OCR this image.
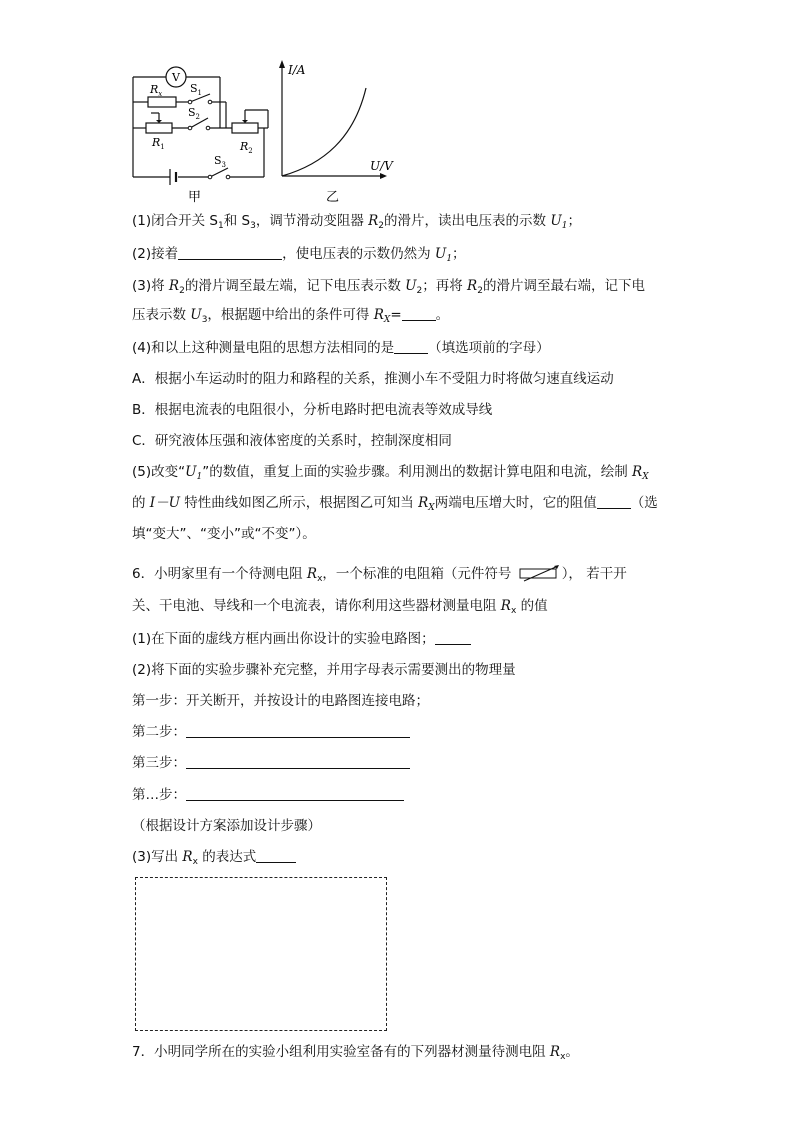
V
$R_x$	$S_1$
$S_2$
$R_1$	$R_2$
$S_3$
甲
I/A
U/V
乙
(1)闭合开关 $S_1$和 $S_3$，调节滑动变阻器 $R_2$的滑片，读出电压表的示数 $U_1$；
(2)接着	，使电压表的示数仍然为 $U_1$；
(3)将 $R_2$的滑片调至最左端，记下电压表示数 $U_2$；再将 $R_2$的滑片调至最右端，记下电
压表示数 $U_3$，根据题中给出的条件可得 $R_X=$	。
(4)和以上这种测量电阻的思想方法相同的是	（填选项前的字母）
A．根据小车运动时的阻力和路程的关系，推测小车不受阻力时将做匀速直线运动
B．根据电流表的电阻很小，分析电路时把电流表等效成导线
C．研究液体压强和液体密度的关系时，控制深度相同
(5)改变“$U_1$”的数值，重复上面的实验步骤。利用测出的数据计算电阻和电流，绘制 $R_X$
的 I－U 特性曲线如图乙所示，根据图乙可知当 $R_X$两端电压增大时，它的阻值	（选
填“变大”、“变小”或“不变”）。
6．小明家里有一个待测电阻 $R_x$，一个标准的电阻箱（元件符号	）， 若干开
关、干电池、导线和一个电流表，请你利用这些器材测量电阻 $R_x$ 的值
(1)在下面的虚线方框内画出你设计的实验电路图；
(2)将下面的实验步骤补充完整，并用字母表示需要测出的物理量
第一步：开关断开，并按设计的电路图连接电路；
第二步：
第三步：
第…步：
（根据设计方案添加设计步骤）
(3)写出 $R_x$ 的表达式
7．小明同学所在的实验小组利用实验室备有的下列器材测量待测电阻 $R_x$。
